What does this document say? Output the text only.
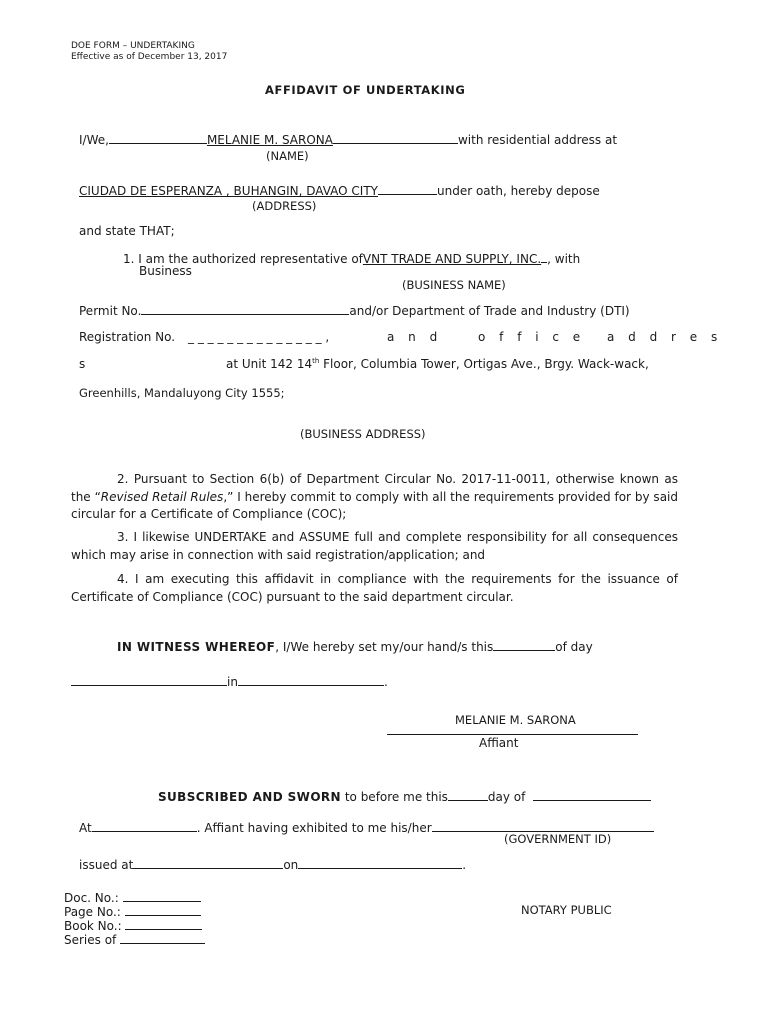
DOE FORM – UNDERTAKING
Effective as of December 13, 2017
AFFIDAVIT OF UNDERTAKING
I/We,	MELANIE M. SARONA	with residential address at
(NAME)
CIUDAD DE ESPERANZA , BUHANGIN, DAVAO CITY	under oath, hereby depose
(ADDRESS)
and state THAT;
1. I am the authorized representative ofVNT TRADE AND SUPPLY, INC. , with
Business
(BUSINESS NAME)
Permit No.	and/or Department of Trade and Industry (DTI)
Registration No. _ _ _ _ _ _ _ _ _ _ _ _ _ _ ,	a n d	o f f i c e a d d r e s
s	at Unit 142 14th Floor, Columbia Tower, Ortigas Ave., Brgy. Wack-wack,
Greenhills, Mandaluyong City 1555;
(BUSINESS ADDRESS)
2. Pursuant to Section 6(b) of Department Circular No. 2017-11-0011, otherwise known as the “Revised Retail Rules,” I hereby commit to comply with all the requirements provided for by said circular for a Certificate of Compliance (COC);
3. I likewise UNDERTAKE and ASSUME full and complete responsibility for all consequences which may arise in connection with said registration/application; and
4. I am executing this affidavit in compliance with the requirements for the issuance of Certificate of Compliance (COC) pursuant to the said department circular.
IN WITNESS WHEREOF, I/We hereby set my/our hand/s this	of day
in	.
MELANIE M. SARONA
Affiant
SUBSCRIBED AND SWORN to before me this	day of
At	. Affiant having exhibited to me his/her
(GOVERNMENT ID)
issued at	on	.
Doc. No.:
Page No.:
Book No.:
Series of
NOTARY PUBLIC
